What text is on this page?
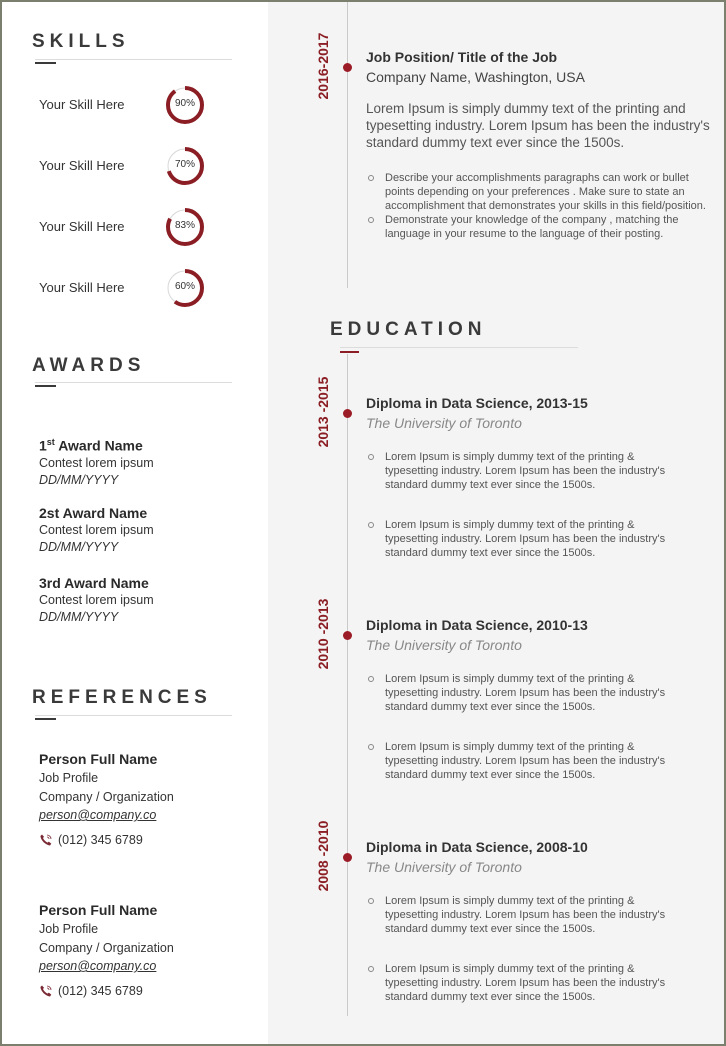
SKILLS
Your Skill Here	90%
Your Skill Here	70%
Your Skill Here	83%
Your Skill Here	60%
AWARDS
1st Award Name
Contest lorem ipsum
DD/MM/YYYY
2st Award Name
Contest lorem ipsum
DD/MM/YYYY
3rd Award Name
Contest lorem ipsum
DD/MM/YYYY
REFERENCES
Person Full Name
Job Profile
Company / Organization
person@company.co
(012) 345 6789
Person Full Name
Job Profile
Company / Organization
person@company.co
(012) 345 6789
2016-2017	Job Position/ Title of the Job
Company Name, Washington, USA
Lorem Ipsum is simply dummy text of the printing and typesetting industry. Lorem Ipsum has been the industry's standard dummy text ever since the 1500s.
Describe your accomplishments paragraphs can work or bullet points depending on your preferences . Make sure to state an accomplishment that demonstrates your skills in this field/position.
Demonstrate your knowledge of the company , matching the language in your resume to the language of their posting.
EDUCATION
2013 -2015	Diploma in Data Science, 2013-15
The University of Toronto
Lorem Ipsum is simply dummy text of the printing & typesetting industry. Lorem Ipsum has been the industry's standard dummy text ever since the 1500s.
Lorem Ipsum is simply dummy text of the printing & typesetting industry. Lorem Ipsum has been the industry's standard dummy text ever since the 1500s.
2010 -2013	Diploma in Data Science, 2010-13
The University of Toronto
Lorem Ipsum is simply dummy text of the printing & typesetting industry. Lorem Ipsum has been the industry's standard dummy text ever since the 1500s.
Lorem Ipsum is simply dummy text of the printing & typesetting industry. Lorem Ipsum has been the industry's standard dummy text ever since the 1500s.
2008 -2010	Diploma in Data Science, 2008-10
The University of Toronto
Lorem Ipsum is simply dummy text of the printing & typesetting industry. Lorem Ipsum has been the industry's standard dummy text ever since the 1500s.
Lorem Ipsum is simply dummy text of the printing & typesetting industry. Lorem Ipsum has been the industry's standard dummy text ever since the 1500s.
